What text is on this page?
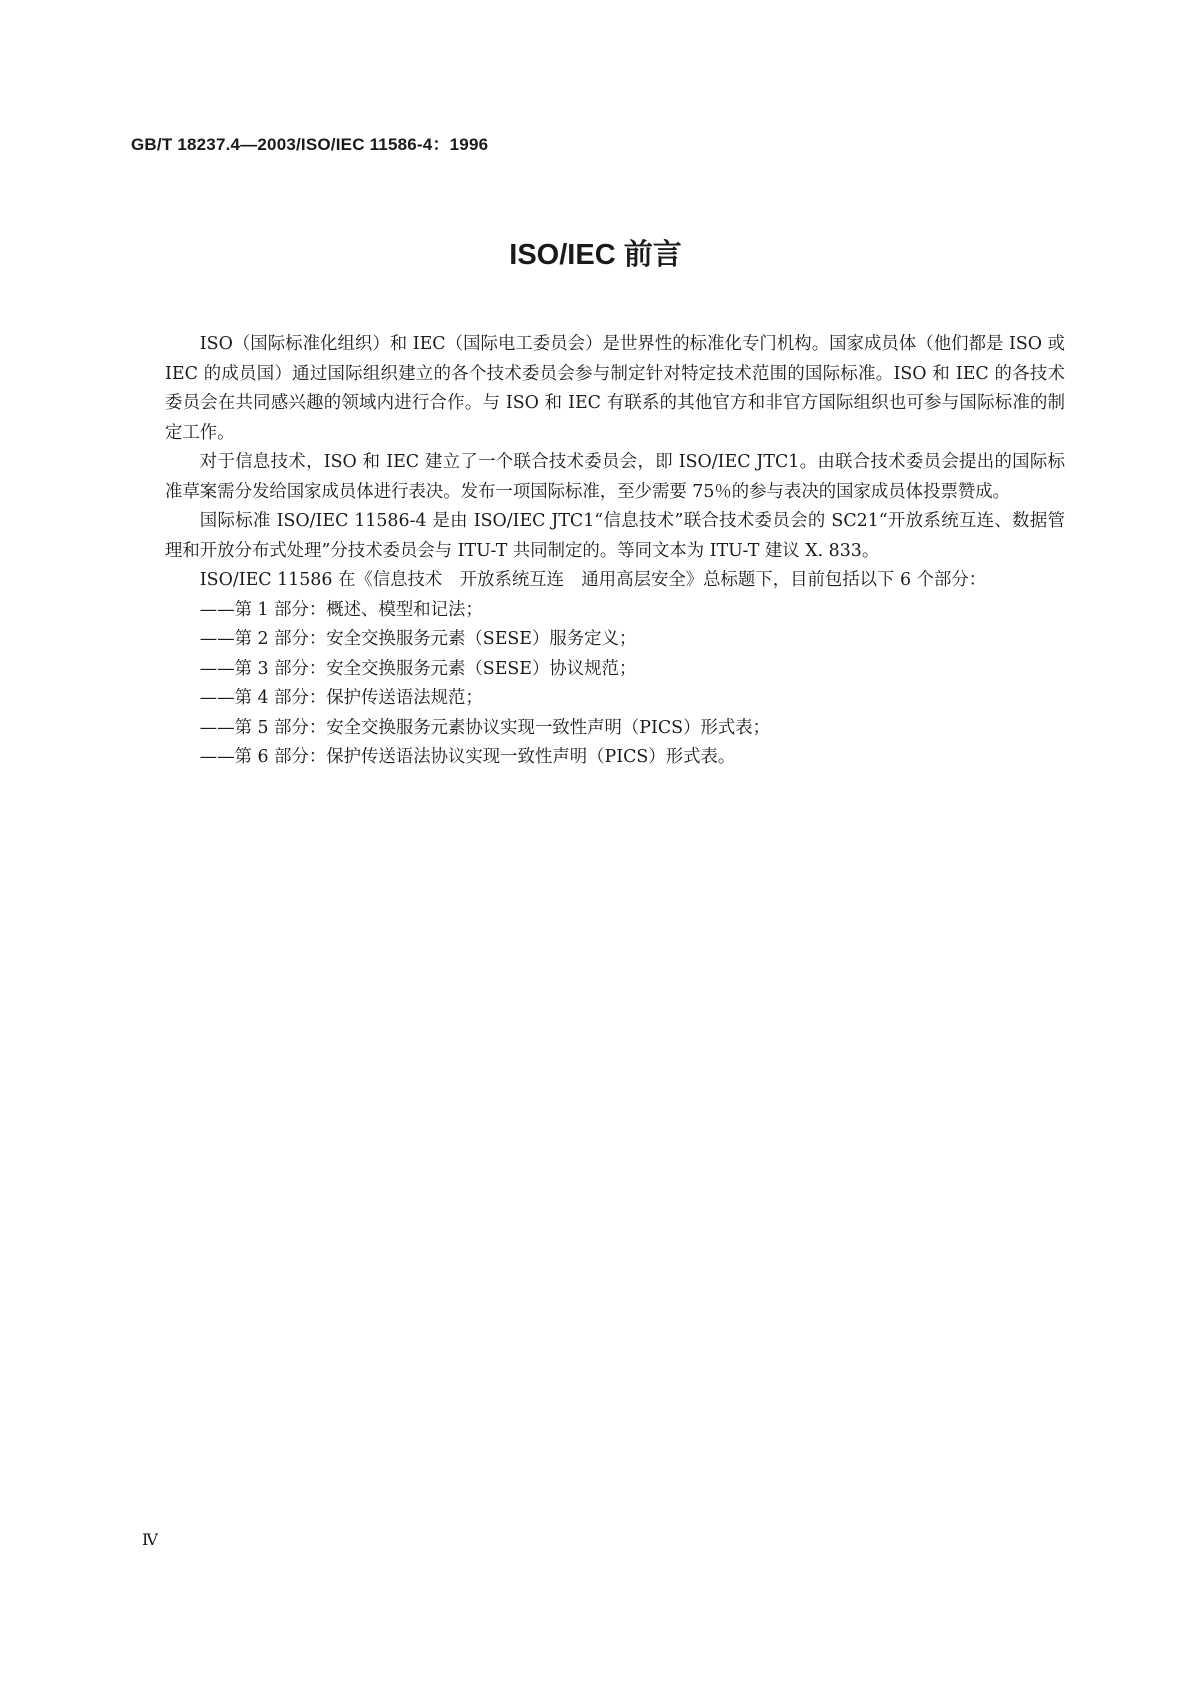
GB/T 18237.4—2003/ISO/IEC 11586-4：1996
ISO/IEC 前言

ISO（国际标准化组织）和 IEC（国际电工委员会）是世界性的标准化专门机构。国家成员体（他们都是 ISO 或 IEC 的成员国）通过国际组织建立的各个技术委员会参与制定针对特定技术范围的国际标准。ISO 和 IEC 的各技术委员会在共同感兴趣的领域内进行合作。与 ISO 和 IEC 有联系的其他官方和非官方国际组织也可参与国际标准的制定工作。

对于信息技术，ISO 和 IEC 建立了一个联合技术委员会，即 ISO/IEC JTC1。由联合技术委员会提出的国际标准草案需分发给国家成员体进行表决。发布一项国际标准，至少需要 75％的参与表决的国家成员体投票赞成。

国际标准 ISO/IEC 11586-4 是由 ISO/IEC JTC1“信息技术”联合技术委员会的 SC21“开放系统互连、数据管理和开放分布式处理”分技术委员会与 ITU-T 共同制定的。等同文本为 ITU-T 建议 X. 833。

ISO/IEC 11586 在《信息技术　开放系统互连　通用高层安全》总标题下，目前包括以下 6 个部分：

——第 1 部分：概述、模型和记法；

——第 2 部分：安全交换服务元素（SESE）服务定义；

——第 3 部分：安全交换服务元素（SESE）协议规范；

——第 4 部分：保护传送语法规范；

——第 5 部分：安全交换服务元素协议实现一致性声明（PICS）形式表；

——第 6 部分：保护传送语法协议实现一致性声明（PICS）形式表。

Ⅳ
